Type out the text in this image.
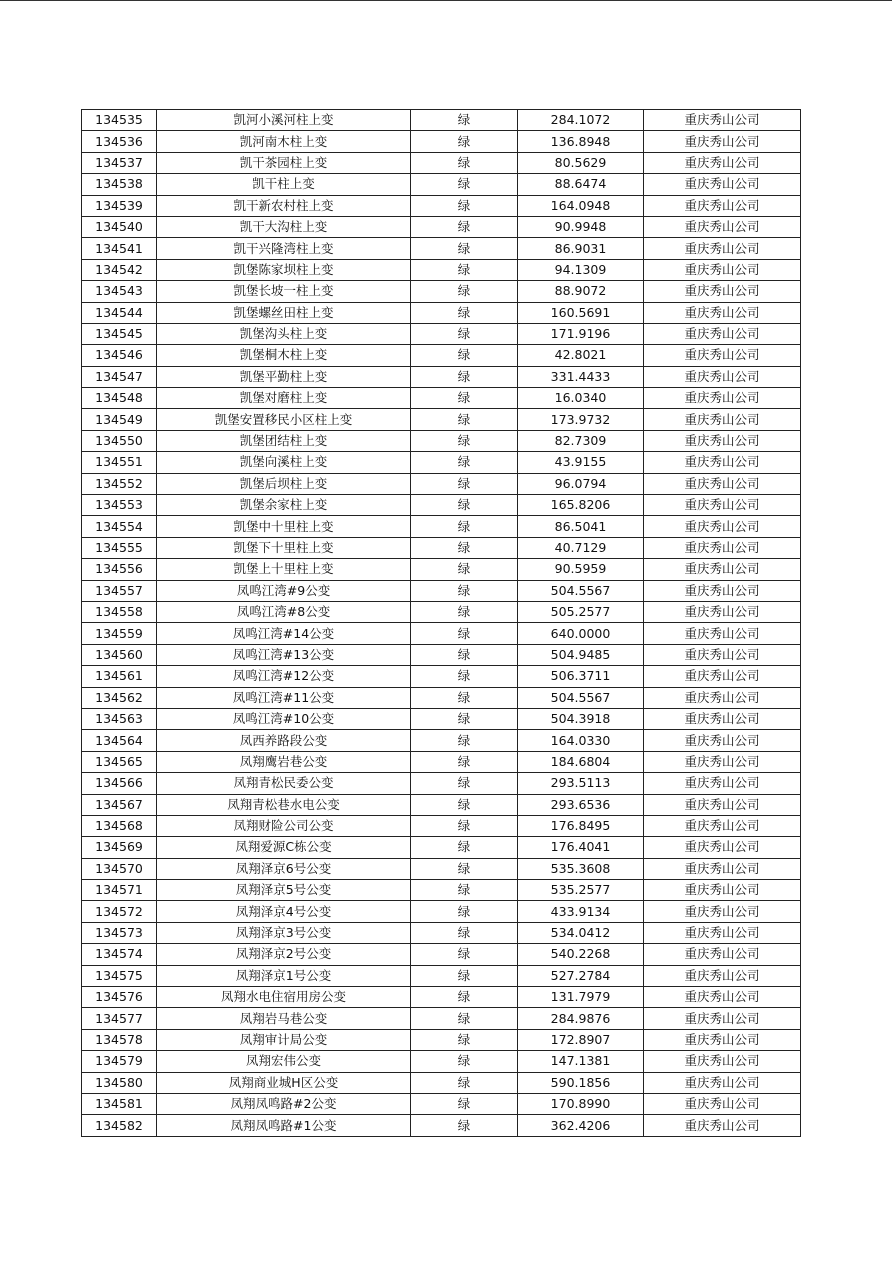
134535	凯河小溪河柱上变	绿	284.1072	重庆秀山公司
134536	凯河南木柱上变	绿	136.8948	重庆秀山公司
134537	凯干茶园柱上变	绿	80.5629	重庆秀山公司
134538	凯干柱上变	绿	88.6474	重庆秀山公司
134539	凯干新农村柱上变	绿	164.0948	重庆秀山公司
134540	凯干大沟柱上变	绿	90.9948	重庆秀山公司
134541	凯干兴隆湾柱上变	绿	86.9031	重庆秀山公司
134542	凯堡陈家坝柱上变	绿	94.1309	重庆秀山公司
134543	凯堡长坡一柱上变	绿	88.9072	重庆秀山公司
134544	凯堡螺丝田柱上变	绿	160.5691	重庆秀山公司
134545	凯堡沟头柱上变	绿	171.9196	重庆秀山公司
134546	凯堡桐木柱上变	绿	42.8021	重庆秀山公司
134547	凯堡平勤柱上变	绿	331.4433	重庆秀山公司
134548	凯堡对磨柱上变	绿	16.0340	重庆秀山公司
134549	凯堡安置移民小区柱上变	绿	173.9732	重庆秀山公司
134550	凯堡团结柱上变	绿	82.7309	重庆秀山公司
134551	凯堡向溪柱上变	绿	43.9155	重庆秀山公司
134552	凯堡后坝柱上变	绿	96.0794	重庆秀山公司
134553	凯堡余家柱上变	绿	165.8206	重庆秀山公司
134554	凯堡中十里柱上变	绿	86.5041	重庆秀山公司
134555	凯堡下十里柱上变	绿	40.7129	重庆秀山公司
134556	凯堡上十里柱上变	绿	90.5959	重庆秀山公司
134557	凤鸣江湾#9公变	绿	504.5567	重庆秀山公司
134558	凤鸣江湾#8公变	绿	505.2577	重庆秀山公司
134559	凤鸣江湾#14公变	绿	640.0000	重庆秀山公司
134560	凤鸣江湾#13公变	绿	504.9485	重庆秀山公司
134561	凤鸣江湾#12公变	绿	506.3711	重庆秀山公司
134562	凤鸣江湾#11公变	绿	504.5567	重庆秀山公司
134563	凤鸣江湾#10公变	绿	504.3918	重庆秀山公司
134564	凤西养路段公变	绿	164.0330	重庆秀山公司
134565	凤翔鹰岩巷公变	绿	184.6804	重庆秀山公司
134566	凤翔青松民委公变	绿	293.5113	重庆秀山公司
134567	凤翔青松巷水电公变	绿	293.6536	重庆秀山公司
134568	凤翔财险公司公变	绿	176.8495	重庆秀山公司
134569	凤翔爱源C栋公变	绿	176.4041	重庆秀山公司
134570	凤翔泽京6号公变	绿	535.3608	重庆秀山公司
134571	凤翔泽京5号公变	绿	535.2577	重庆秀山公司
134572	凤翔泽京4号公变	绿	433.9134	重庆秀山公司
134573	凤翔泽京3号公变	绿	534.0412	重庆秀山公司
134574	凤翔泽京2号公变	绿	540.2268	重庆秀山公司
134575	凤翔泽京1号公变	绿	527.2784	重庆秀山公司
134576	凤翔水电住宿用房公变	绿	131.7979	重庆秀山公司
134577	凤翔岩马巷公变	绿	284.9876	重庆秀山公司
134578	凤翔审计局公变	绿	172.8907	重庆秀山公司
134579	凤翔宏伟公变	绿	147.1381	重庆秀山公司
134580	凤翔商业城H区公变	绿	590.1856	重庆秀山公司
134581	凤翔凤鸣路#2公变	绿	170.8990	重庆秀山公司
134582	凤翔凤鸣路#1公变	绿	362.4206	重庆秀山公司
